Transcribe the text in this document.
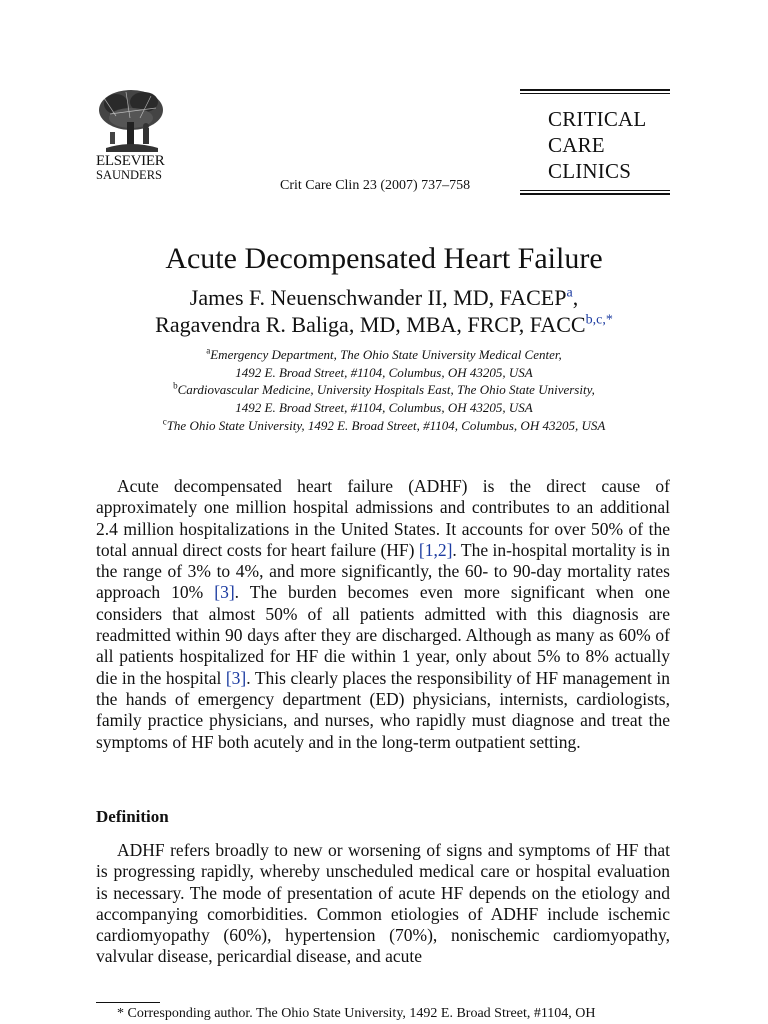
ELSEVIER
SAUNDERS
Crit Care Clin 23 (2007) 737–758
CRITICAL
CARE
CLINICS
Acute Decompensated Heart Failure
James F. Neuenschwander II, MD, FACEP$^a$,
Ragavendra R. Baliga, MD, MBA, FRCP, $FACC^{b,c,*}$
$^a$Emergency Department, The Ohio State University Medical Center,
1492 E. Broad Street, #1104, Columbus, OH 43205, USA
$^b$Cardiovascular Medicine, University Hospitals East, The Ohio State University,
1492 E. Broad Street, #1104, Columbus, OH 43205, USA
$^c$The Ohio State University, 1492 E. Broad Street, #1104, Columbus, OH 43205, USA
Acute decompensated heart failure (ADHF) is the direct cause of approximately one million hospital admissions and contributes to an additional 2.4 million hospitalizations in the United States. It accounts for over 50% of the total annual direct costs for heart failure (HF) [1,2]. The in-hospital mortality is in the range of 3% to 4%, and more significantly, the 60- to 90-day mortality rates approach 10% [3]. The burden becomes even more significant when one considers that almost 50% of all patients admitted with this diagnosis are readmitted within 90 days after they are discharged. Although as many as 60% of all patients hospitalized for HF die within 1 year, only about 5% to 8% actually die in the hospital [3]. This clearly places the responsibility of HF management in the hands of emergency department (ED) physicians, internists, cardiologists, family practice physicians, and nurses, who rapidly must diagnose and treat the symptoms of HF both acutely and in the long-term outpatient setting.
Definition
ADHF refers broadly to new or worsening of signs and symptoms of HF that is progressing rapidly, whereby unscheduled medical care or hospital evaluation is necessary. The mode of presentation of acute HF depends on the etiology and accompanying comorbidities. Common etiologies of ADHF include ischemic cardiomyopathy (60%), hypertension (70%), nonischemic cardiomyopathy, valvular disease, pericardial disease, and acute
* Corresponding author. The Ohio State University, 1492 E. Broad Street, #1104, OH
